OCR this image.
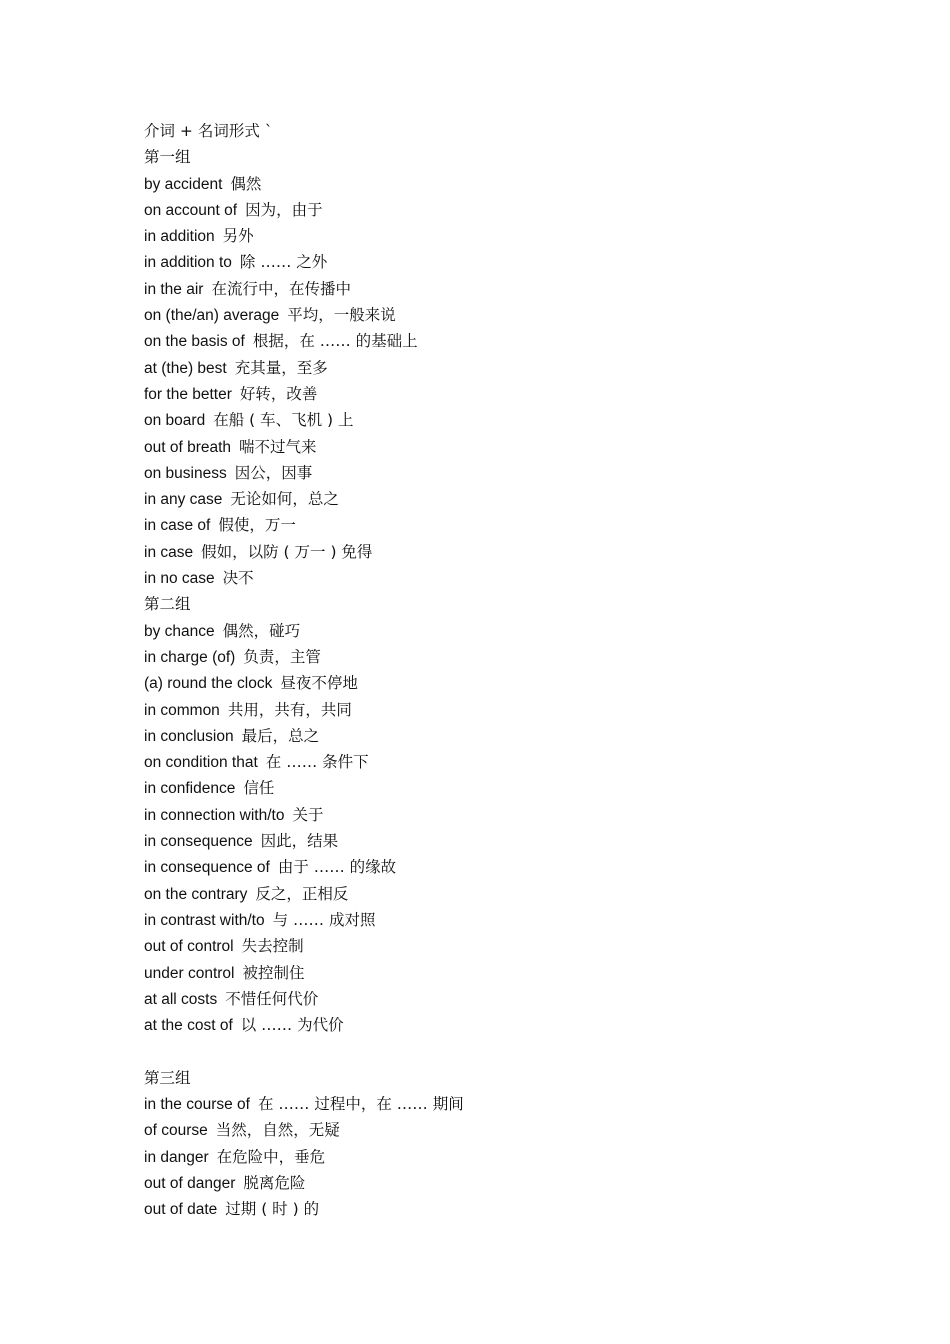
介词 + 名词形式 `
第一组
by accident 偶然
on account of 因为，由于
in addition 另外
in addition to 除 …… 之外
in the air 在流行中，在传播中
on (the/an) average 平均，一般来说
on the basis of 根据，在 …… 的基础上
at (the) best 充其量，至多
for the better 好转，改善
on board 在船 ( 车、飞机 ) 上
out of breath 喘不过气来
on business 因公，因事
in any case 无论如何，总之
in case of 假使，万一
in case 假如，以防 ( 万一 ) 免得
in no case 决不
第二组
by chance 偶然，碰巧
in charge (of) 负责，主管
(a) round the clock 昼夜不停地
in common 共用，共有，共同
in conclusion 最后，总之
on condition that 在 …… 条件下
in confidence 信任
in connection with/to 关于
in consequence 因此，结果
in consequence of 由于 …… 的缘故
on the contrary 反之，正相反
in contrast with/to 与 …… 成对照
out of control 失去控制
under control 被控制住
at all costs 不惜任何代价
at the cost of 以 …… 为代价
第三组
in the course of 在 …… 过程中，在 …… 期间
of course 当然，自然，无疑
in danger 在危险中，垂危
out of danger 脱离危险
out of date 过期 ( 时 ) 的
